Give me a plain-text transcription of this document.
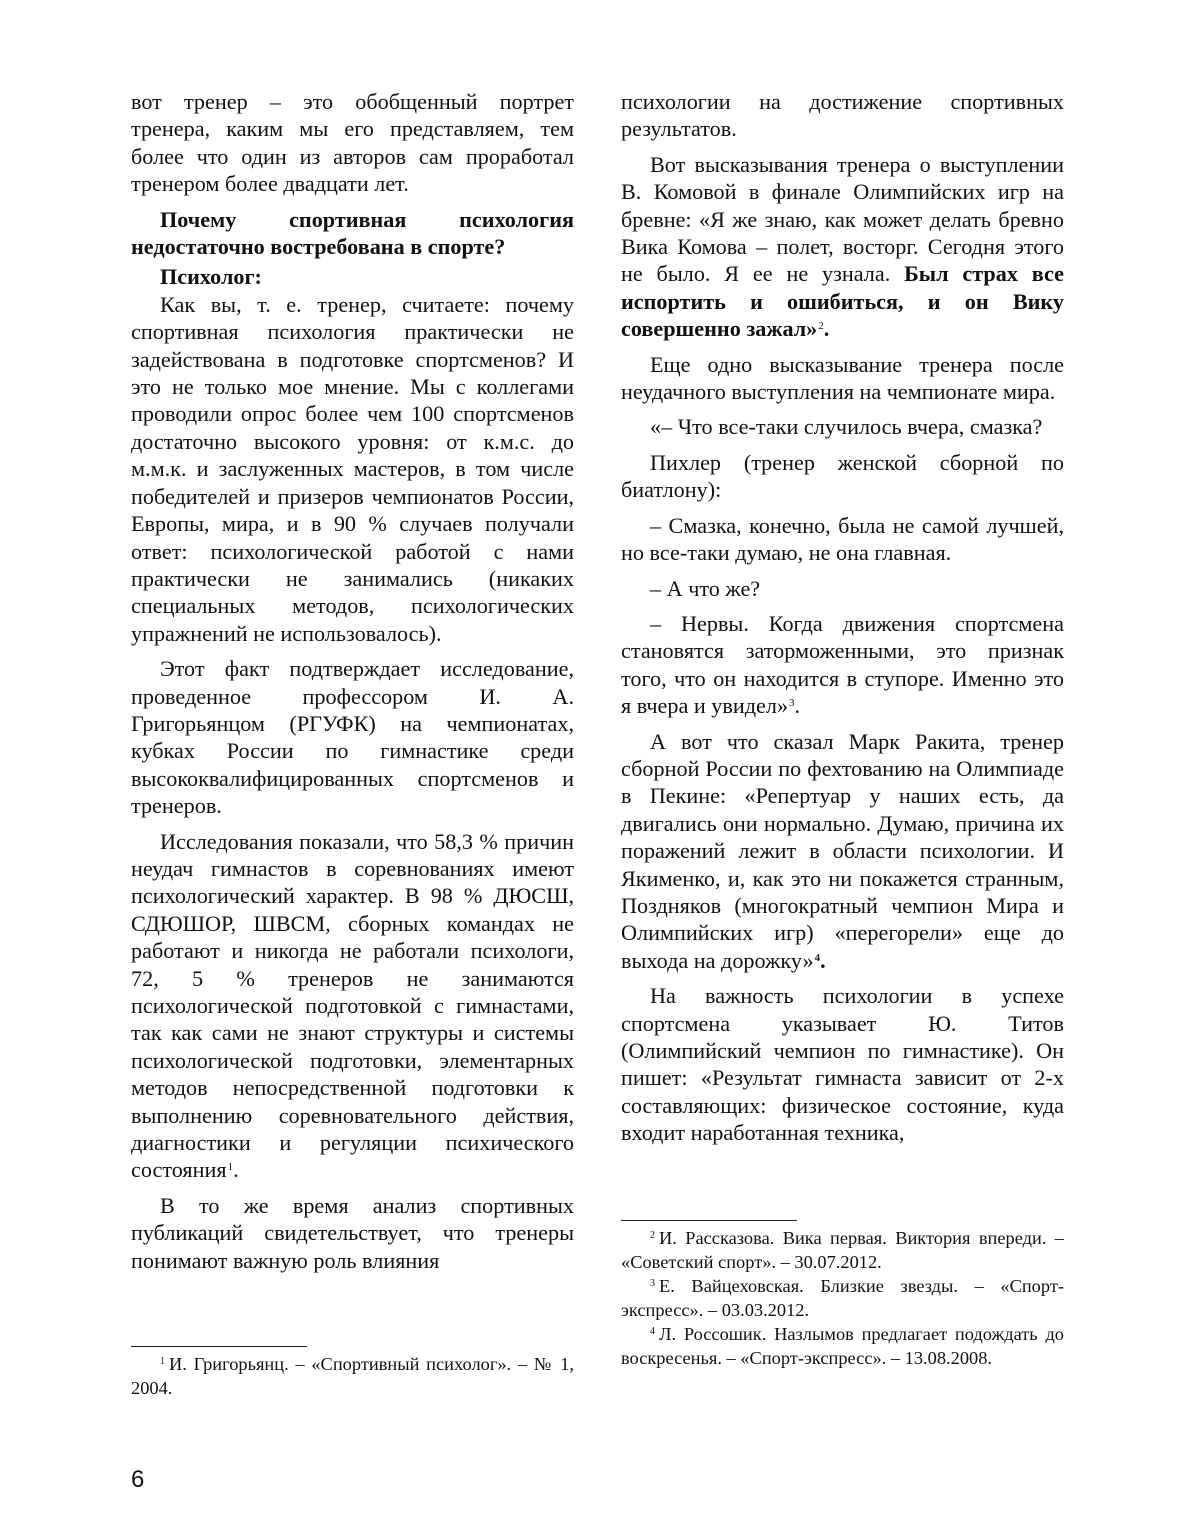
вот тренер – это обобщенный портрет тренера, каким мы его представляем, тем более что один из авторов сам проработал тренером более двадцати лет.

Почему спортивная психология недостаточно востребована в спорте?

Психолог:

Как вы, т. е. тренер, считаете: почему спортивная психология практически не задействована в подготовке спортсменов? И это не только мое мнение. Мы с коллегами проводили опрос более чем 100 спортсменов достаточно высокого уровня: от к.м.с. до м.м.к. и заслуженных мастеров, в том числе победителей и призеров чемпионатов России, Европы, мира, и в 90 % случаев получали ответ: психологической работой с нами практически не занимались (никаких специальных методов, психологических упражнений не использовалось).

Этот факт подтверждает исследование, проведенное профессором И. А. Григорьянцом (РГУФК) на чемпионатах, кубках России по гимнастике среди высококвалифицированных спортсменов и тренеров.

Исследования показали, что 58,3 % причин неудач гимнастов в соревнованиях имеют психологический характер. В 98 % ДЮСШ, СДЮШОР, ШВСМ, сборных командах не работают и никогда не работали психологи, 72, 5 % тренеров не занимаются психологической подготовкой с гимнастами, так как сами не знают структуры и системы психологической подготовки, элементарных методов непосредственной подготовки к выполнению соревновательного действия, диагностики и регуляции психического состояния$^1$.

В то же время анализ спортивных публикаций свидетельствует, что тренеры понимают важную роль влияния

$^1$ И. Григорьянц. – «Спортивный психолог». – № 1, 2004.

психологии на достижение спортивных результатов.

Вот высказывания тренера о выступлении В. Комовой в финале Олимпийских игр на бревне: «Я же знаю, как может делать бревно Вика Комова – полет, восторг. Сегодня этого не было. Я ее не узнала. Был страх все испортить и ошибиться, и он Вику совершенно зажал»$^2$.

Еще одно высказывание тренера после неудачного выступления на чемпионате мира.

«– Что все-таки случилось вчера, смазка?

Пихлер (тренер женской сборной по биатлону):

– Смазка, конечно, была не самой лучшей, но все-таки думаю, не она главная.

– А что же?

– Нервы. Когда движения спортсмена становятся заторможенными, это признак того, что он находится в ступоре. Именно это я вчера и увидел»$^3$.

А вот что сказал Марк Ракита, тренер сборной России по фехтованию на Олимпиаде в Пекине: «Репертуар у наших есть, да двигались они нормально. Думаю, причина их поражений лежит в области психологии. И Якименко, и, как это ни покажется странным, Поздняков (многократный чемпион Мира и Олимпийских игр) «перегорели» еще до выхода на дорожку»$^4$.

На важность психологии в успехе спортсмена указывает Ю. Титов (Олимпийский чемпион по гимнастике). Он пишет: «Результат гимнаста зависит от 2-х составляющих: физическое состояние, куда входит наработанная техника,

$^2$ И. Рассказова. Вика первая. Виктория впереди. – «Советский спорт». – 30.07.2012.

$^3$ Е. Вайцеховская. Близкие звезды. – «Спорт-экспресс». – 03.03.2012.

$^4$ Л. Россошик. Назлымов предлагает подождать до воскресенья. – «Спорт-экспресс». – 13.08.2008.

6
